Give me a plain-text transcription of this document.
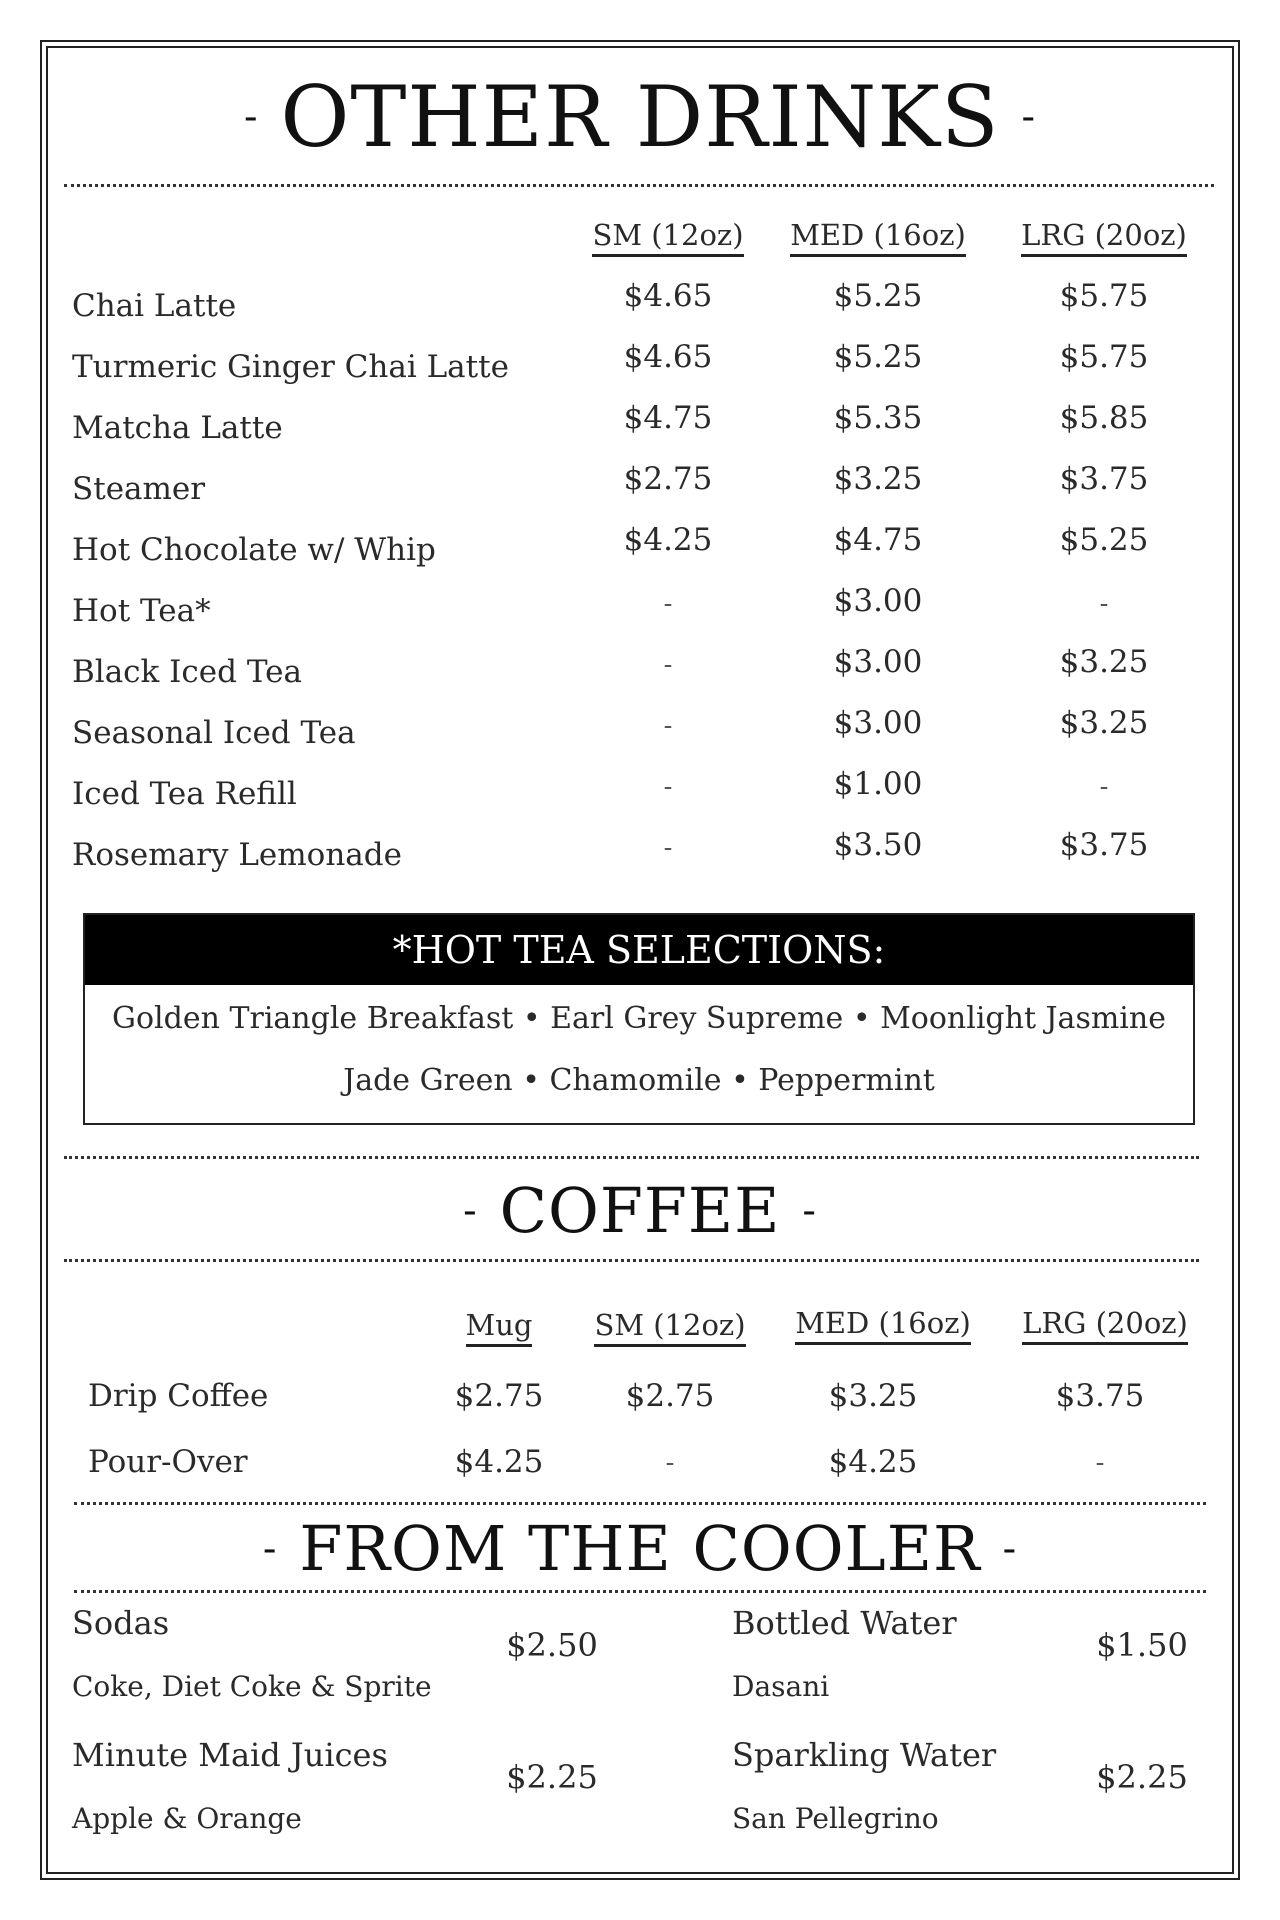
- OTHER DRINKS -
SM (12oz)	MED (16oz)	LRG (20oz)
Chai Latte	$4.65	$5.25	$5.75
Turmeric Ginger Chai Latte	$4.65	$5.25	$5.75
Matcha Latte	$4.75	$5.35	$5.85
Steamer	$2.75	$3.25	$3.75
Hot Chocolate w/ Whip	$4.25	$4.75	$5.25
Hot Tea*	-	$3.00	-
Black Iced Tea	-	$3.00	$3.25
Seasonal Iced Tea	-	$3.00	$3.25
Iced Tea Refill	-	$1.00	-
Rosemary Lemonade	-	$3.50	$3.75
*HOT TEA SELECTIONS:
Golden Triangle Breakfast • Earl Grey Supreme • Moonlight Jasmine
Jade Green • Chamomile • Peppermint
- COFFEE -
Mug	SM (12oz)	MED (16oz)	LRG (20oz)
Drip Coffee	$2.75	$2.75	$3.25	$3.75
Pour-Over	$4.25	-	$4.25	-
- FROM THE COOLER -
Sodas
Coke, Diet Coke & Sprite
$2.50
Bottled Water
Dasani
$1.50
Minute Maid Juices
Apple & Orange
$2.25
Sparkling Water
San Pellegrino
$2.25
